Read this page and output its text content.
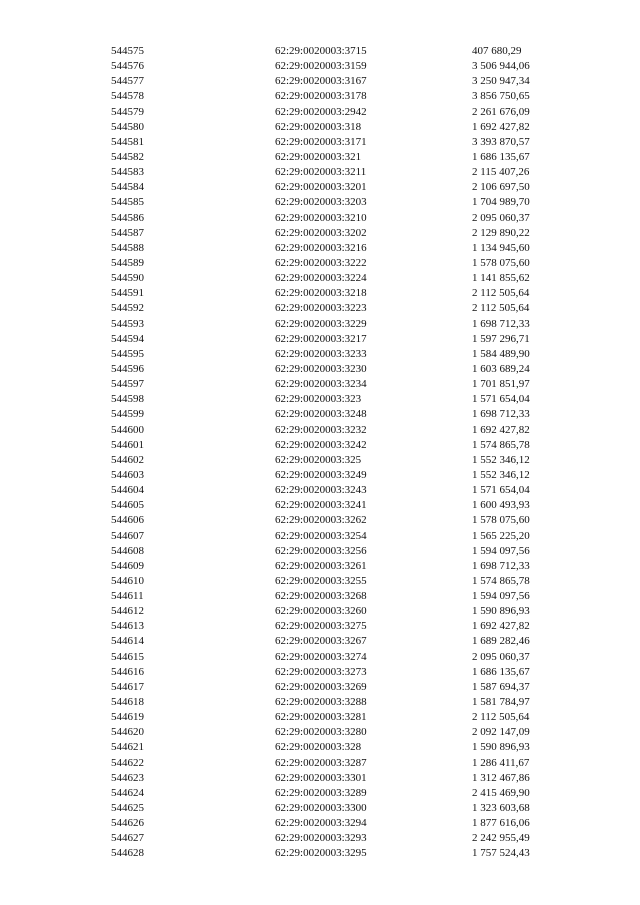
544575	62:29:0020003:3715	407 680,29
544576	62:29:0020003:3159	3 506 944,06
544577	62:29:0020003:3167	3 250 947,34
544578	62:29:0020003:3178	3 856 750,65
544579	62:29:0020003:2942	2 261 676,09
544580	62:29:0020003:318	1 692 427,82
544581	62:29:0020003:3171	3 393 870,57
544582	62:29:0020003:321	1 686 135,67
544583	62:29:0020003:3211	2 115 407,26
544584	62:29:0020003:3201	2 106 697,50
544585	62:29:0020003:3203	1 704 989,70
544586	62:29:0020003:3210	2 095 060,37
544587	62:29:0020003:3202	2 129 890,22
544588	62:29:0020003:3216	1 134 945,60
544589	62:29:0020003:3222	1 578 075,60
544590	62:29:0020003:3224	1 141 855,62
544591	62:29:0020003:3218	2 112 505,64
544592	62:29:0020003:3223	2 112 505,64
544593	62:29:0020003:3229	1 698 712,33
544594	62:29:0020003:3217	1 597 296,71
544595	62:29:0020003:3233	1 584 489,90
544596	62:29:0020003:3230	1 603 689,24
544597	62:29:0020003:3234	1 701 851,97
544598	62:29:0020003:323	1 571 654,04
544599	62:29:0020003:3248	1 698 712,33
544600	62:29:0020003:3232	1 692 427,82
544601	62:29:0020003:3242	1 574 865,78
544602	62:29:0020003:325	1 552 346,12
544603	62:29:0020003:3249	1 552 346,12
544604	62:29:0020003:3243	1 571 654,04
544605	62:29:0020003:3241	1 600 493,93
544606	62:29:0020003:3262	1 578 075,60
544607	62:29:0020003:3254	1 565 225,20
544608	62:29:0020003:3256	1 594 097,56
544609	62:29:0020003:3261	1 698 712,33
544610	62:29:0020003:3255	1 574 865,78
544611	62:29:0020003:3268	1 594 097,56
544612	62:29:0020003:3260	1 590 896,93
544613	62:29:0020003:3275	1 692 427,82
544614	62:29:0020003:3267	1 689 282,46
544615	62:29:0020003:3274	2 095 060,37
544616	62:29:0020003:3273	1 686 135,67
544617	62:29:0020003:3269	1 587 694,37
544618	62:29:0020003:3288	1 581 784,97
544619	62:29:0020003:3281	2 112 505,64
544620	62:29:0020003:3280	2 092 147,09
544621	62:29:0020003:328	1 590 896,93
544622	62:29:0020003:3287	1 286 411,67
544623	62:29:0020003:3301	1 312 467,86
544624	62:29:0020003:3289	2 415 469,90
544625	62:29:0020003:3300	1 323 603,68
544626	62:29:0020003:3294	1 877 616,06
544627	62:29:0020003:3293	2 242 955,49
544628	62:29:0020003:3295	1 757 524,43
